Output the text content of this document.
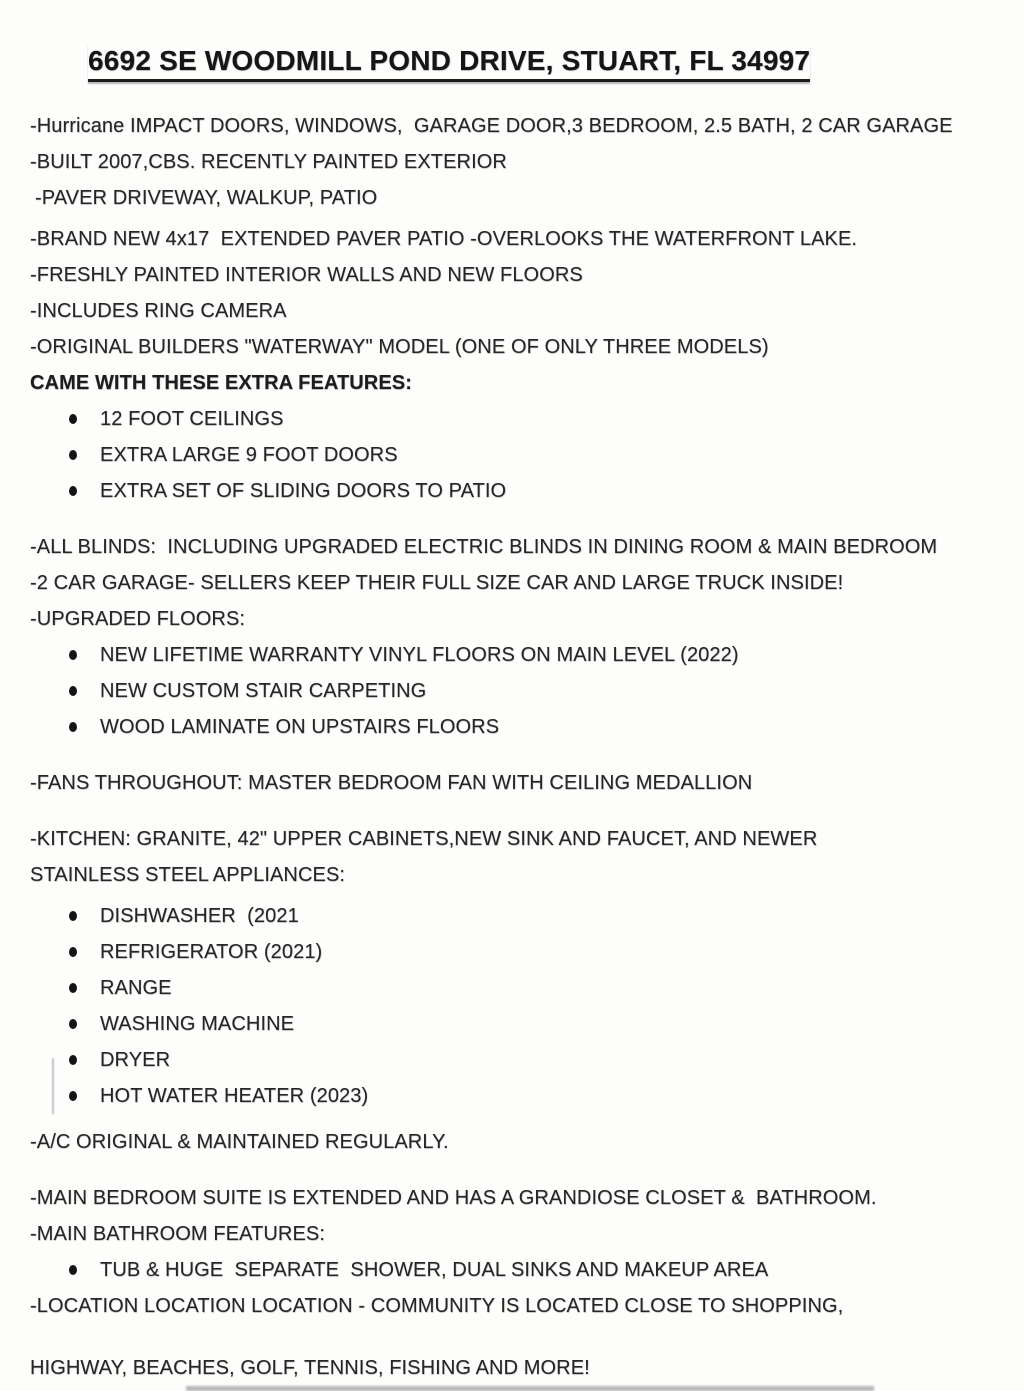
6692 SE WOODMILL POND DRIVE, STUART, FL 34997
-Hurricane IMPACT DOORS, WINDOWS,  GARAGE DOOR,3 BEDROOM, 2.5 BATH, 2 CAR GARAGE
-BUILT 2007,CBS. RECENTLY PAINTED EXTERIOR
-PAVER DRIVEWAY, WALKUP, PATIO
-BRAND NEW 4x17  EXTENDED PAVER PATIO -OVERLOOKS THE WATERFRONT LAKE.
-FRESHLY PAINTED INTERIOR WALLS AND NEW FLOORS
-INCLUDES RING CAMERA
-ORIGINAL BUILDERS "WATERWAY" MODEL (ONE OF ONLY THREE MODELS)
CAME WITH THESE EXTRA FEATURES:
12 FOOT CEILINGS
EXTRA LARGE 9 FOOT DOORS
EXTRA SET OF SLIDING DOORS TO PATIO
-ALL BLINDS:  INCLUDING UPGRADED ELECTRIC BLINDS IN DINING ROOM & MAIN BEDROOM
-2 CAR GARAGE- SELLERS KEEP THEIR FULL SIZE CAR AND LARGE TRUCK INSIDE!
-UPGRADED FLOORS:
NEW LIFETIME WARRANTY VINYL FLOORS ON MAIN LEVEL (2022)
NEW CUSTOM STAIR CARPETING
WOOD LAMINATE ON UPSTAIRS FLOORS
-FANS THROUGHOUT: MASTER BEDROOM FAN WITH CEILING MEDALLION
-KITCHEN: GRANITE, 42" UPPER CABINETS,NEW SINK AND FAUCET, AND NEWER
STAINLESS STEEL APPLIANCES:
DISHWASHER  (2021
REFRIGERATOR (2021)
RANGE
WASHING MACHINE
DRYER
HOT WATER HEATER (2023)
-A/C ORIGINAL & MAINTAINED REGULARLY.
-MAIN BEDROOM SUITE IS EXTENDED AND HAS A GRANDIOSE CLOSET &  BATHROOM.
-MAIN BATHROOM FEATURES:
TUB & HUGE  SEPARATE  SHOWER, DUAL SINKS AND MAKEUP AREA
-LOCATION LOCATION LOCATION - COMMUNITY IS LOCATED CLOSE TO SHOPPING,
HIGHWAY, BEACHES, GOLF, TENNIS, FISHING AND MORE!
